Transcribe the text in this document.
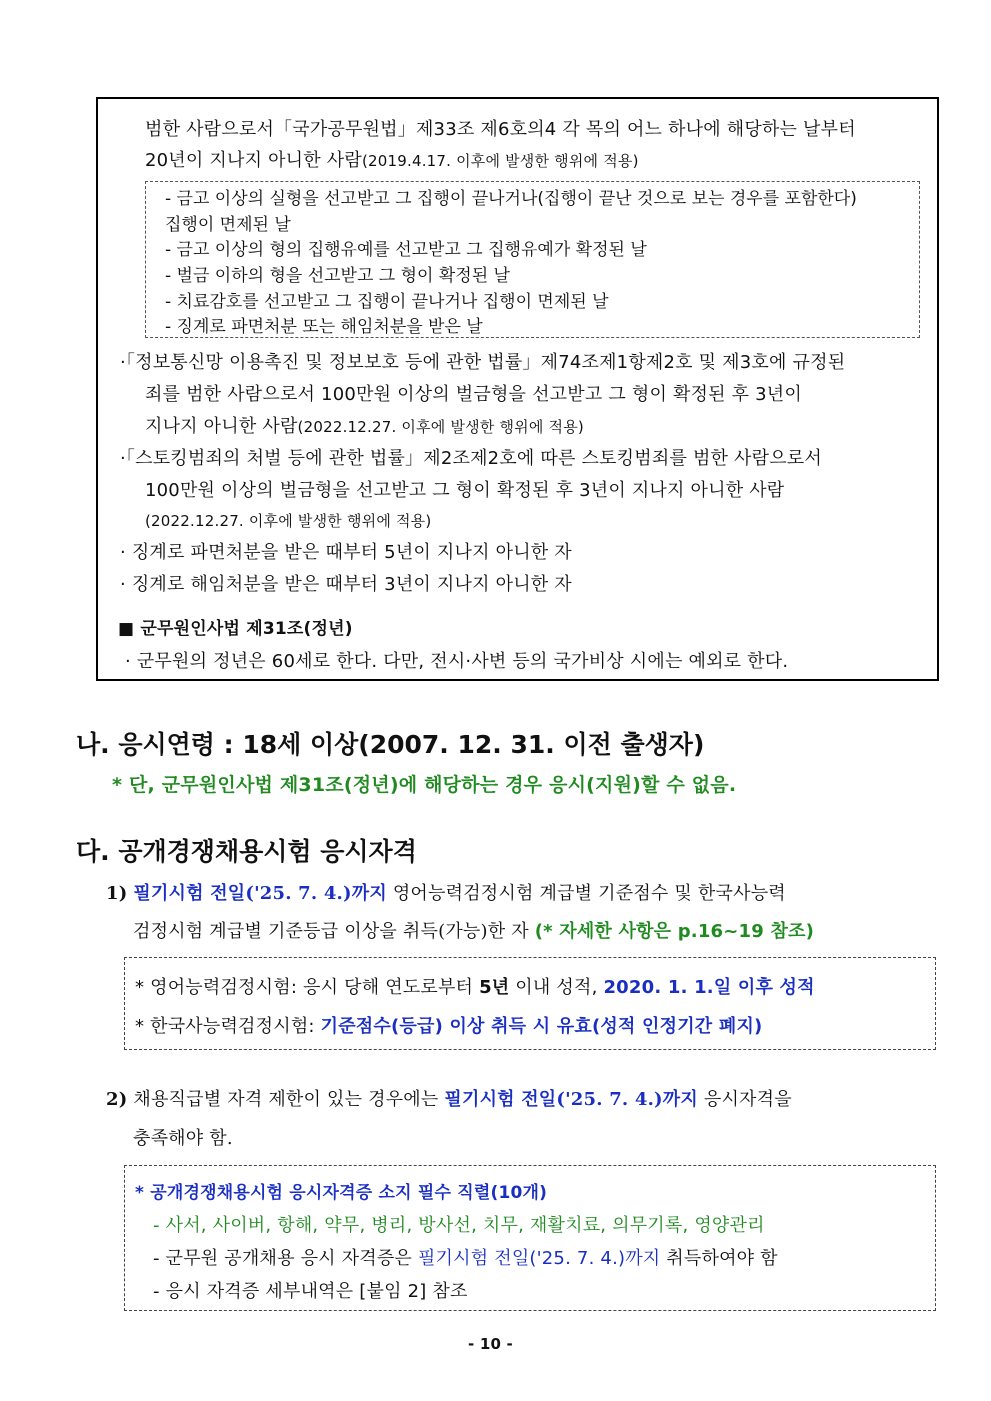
범한 사람으로서「국가공무원법」제33조 제6호의4 각 목의 어느 하나에 해당하는 날부터
20년이 지나지 아니한 사람(2019.4.17. 이후에 발생한 행위에 적용)
- 금고 이상의 실형을 선고받고 그 집행이 끝나거나(집행이 끝난 것으로 보는 경우를 포함한다)
집행이 면제된 날
- 금고 이상의 형의 집행유예를 선고받고 그 집행유예가 확정된 날
- 벌금 이하의 형을 선고받고 그 형이 확정된 날
- 치료감호를 선고받고 그 집행이 끝나거나 집행이 면제된 날
- 징계로 파면처분 또는 해임처분을 받은 날
·「정보통신망 이용촉진 및 정보보호 등에 관한 법률」제74조제1항제2호 및 제3호에 규정된
죄를 범한 사람으로서 100만원 이상의 벌금형을 선고받고 그 형이 확정된 후 3년이
지나지 아니한 사람(2022.12.27. 이후에 발생한 행위에 적용)
·「스토킹범죄의 처벌 등에 관한 법률」제2조제2호에 따른 스토킹범죄를 범한 사람으로서
100만원 이상의 벌금형을 선고받고 그 형이 확정된 후 3년이 지나지 아니한 사람
(2022.12.27. 이후에 발생한 행위에 적용)
· 징계로 파면처분을 받은 때부터 5년이 지나지 아니한 자
· 징계로 해임처분을 받은 때부터 3년이 지나지 아니한 자
■ 군무원인사법 제31조(정년)
· 군무원의 정년은 60세로 한다. 다만, 전시·사변 등의 국가비상 시에는 예외로 한다.
나. 응시연령 : 18세 이상(2007. 12. 31. 이전 출생자)
* 단, 군무원인사법 제31조(정년)에 해당하는 경우 응시(지원)할 수 없음.
다. 공개경쟁채용시험 응시자격
1) 필기시험 전일('25. 7. 4.)까지 영어능력검정시험 계급별 기준점수 및 한국사능력
검정시험 계급별 기준등급 이상을 취득(가능)한 자 (* 자세한 사항은 p.16~19 참조)
* 영어능력검정시험: 응시 당해 연도로부터 5년 이내 성적, 2020. 1. 1.일 이후 성적
* 한국사능력검정시험: 기준점수(등급) 이상 취득 시 유효(성적 인정기간 폐지)
2) 채용직급별 자격 제한이 있는 경우에는 필기시험 전일('25. 7. 4.)까지 응시자격을
충족해야 함.
* 공개경쟁채용시험 응시자격증 소지 필수 직렬(10개)
- 사서, 사이버, 항해, 약무, 병리, 방사선, 치무, 재활치료, 의무기록, 영양관리
- 군무원 공개채용 응시 자격증은 필기시험 전일('25. 7. 4.)까지 취득하여야 함
- 응시 자격증 세부내역은 [붙임 2] 참조
- 10 -
